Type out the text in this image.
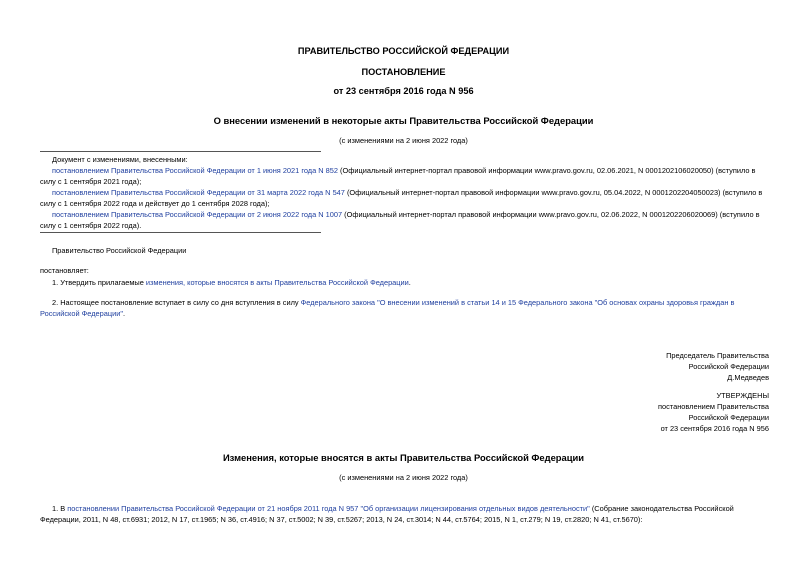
ПРАВИТЕЛЬСТВО РОССИЙСКОЙ ФЕДЕРАЦИИ
ПОСТАНОВЛЕНИЕ
от 23 сентября 2016 года N 956
О внесении изменений в некоторые акты Правительства Российской Федерации
(с изменениями на 2 июня 2022 года)
Документ с изменениями, внесенными:
постановлением Правительства Российской Федерации от 1 июня 2021 года N 852 (Официальный интернет-портал правовой информации www.pravo.gov.ru, 02.06.2021, N 0001202106020050) (вступило в силу с 1 сентября 2021 года);
постановлением Правительства Российской Федерации от 31 марта 2022 года N 547 (Официальный интернет-портал правовой информации www.pravo.gov.ru, 05.04.2022, N 0001202204050023) (вступило в силу с 1 сентября 2022 года и действует до 1 сентября 2028 года);
постановлением Правительства Российской Федерации от 2 июня 2022 года N 1007 (Официальный интернет-портал правовой информации www.pravo.gov.ru, 02.06.2022, N 0001202206020069) (вступило в силу с 1 сентября 2022 года).
Правительство Российской Федерации
постановляет:
1. Утвердить прилагаемые изменения, которые вносятся в акты Правительства Российской Федерации.
2. Настоящее постановление вступает в силу со дня вступления в силу Федерального закона "О внесении изменений в статьи 14 и 15 Федерального закона "Об основах охраны здоровья граждан в Российской Федерации".
Председатель Правительства
Российской Федерации
Д.Медведев
УТВЕРЖДЕНЫ
постановлением Правительства
Российской Федерации
от 23 сентября 2016 года N 956
Изменения, которые вносятся в акты Правительства Российской Федерации
(с изменениями на 2 июня 2022 года)
1. В постановлении Правительства Российской Федерации от 21 ноября 2011 года N 957 "Об организации лицензирования отдельных видов деятельности" (Собрание законодательства Российской Федерации, 2011, N 48, ст.6931; 2012, N 17, ст.1965; N 36, ст.4916; N 37, ст.5002; N 39, ст.5267; 2013, N 24, ст.3014; N 44, ст.5764; 2015, N 1, ст.279; N 19, ст.2820; N 41, ст.5670):
